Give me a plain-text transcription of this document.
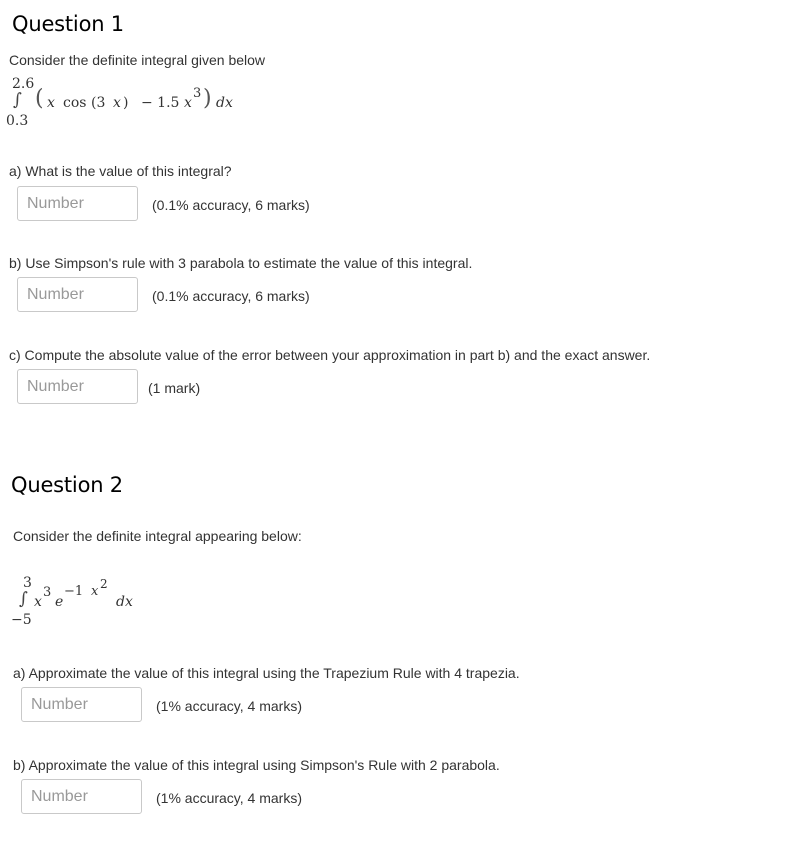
Question 1
Consider the definite integral given below
2.6
∫
0.3
( x cos (3 x ) − 1.5 x
3 ) dx
a) What is the value of this integral?
Number
(0.1% accuracy, 6 marks)
b) Use Simpson's rule with 3 parabola to estimate the value of this integral.
Number
(0.1% accuracy, 6 marks)
c) Compute the absolute value of the error between your approximation in part b) and the exact answer.
Number
(1 mark)
Question 2
Consider the definite integral appearing below:
3
∫
−5
x
3
e
−1 x 2
dx
a) Approximate the value of this integral using the Trapezium Rule with 4 trapezia.
Number
(1% accuracy, 4 marks)
b) Approximate the value of this integral using Simpson's Rule with 2 parabola.
Number
(1% accuracy, 4 marks)
